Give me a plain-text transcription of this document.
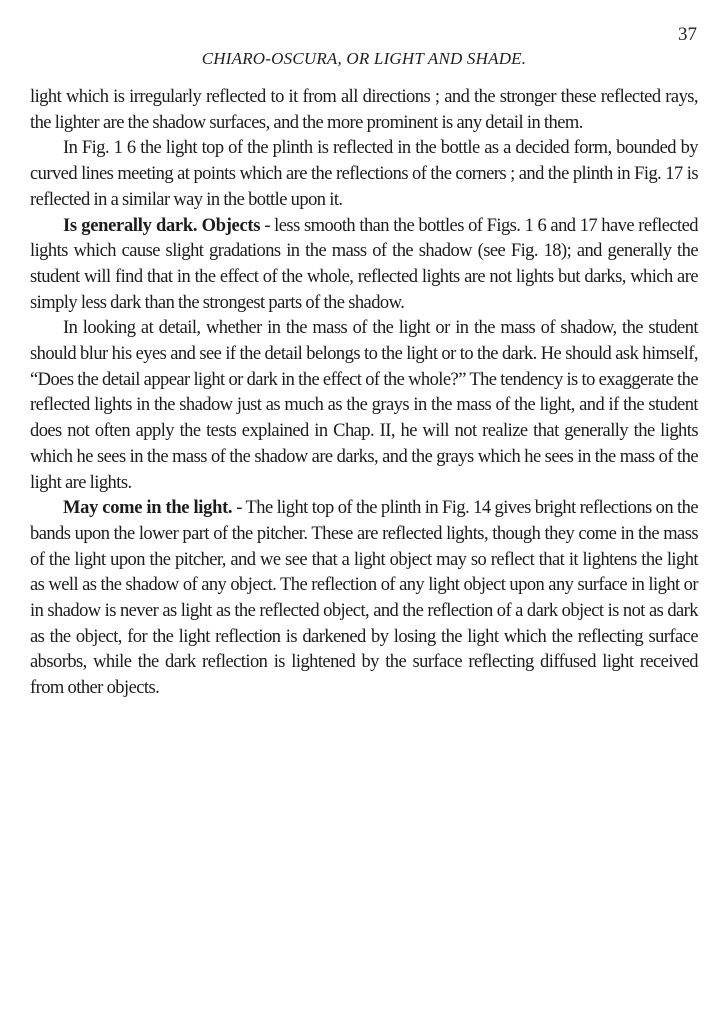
37
CHIARO-OSCURA, OR LIGHT AND SHADE.

light which is irregularly reflected to it from all directions ; and the stronger these reflected rays, the lighter are the shadow surfaces, and the more prominent is any detail in them.

In Fig. 1 6 the light top of the plinth is reflected in the bottle as a decided form, bounded by curved lines meeting at points which are the reflections of the corners ; and the plinth in Fig. 17 is reflected in a similar way in the bottle upon it.

Is generally dark. Objects - less smooth than the bottles of Figs. 1 6 and 17 have reflected lights which cause slight gradations in the mass of the shadow (see Fig. 18); and generally the student will find that in the effect of the whole, reflected lights are not lights but darks, which are simply less dark than the strongest parts of the shadow.

In looking at detail, whether in the mass of the light or in the mass of shadow, the student should blur his eyes and see if the detail belongs to the light or to the dark. He should ask himself, “Does the detail appear light or dark in the effect of the whole?” The tendency is to exaggerate the reflected lights in the shadow just as much as the grays in the mass of the light, and if the student does not often apply the tests explained in Chap. II, he will not realize that generally the lights which he sees in the mass of the shadow are darks, and the grays which he sees in the mass of the light are lights.

May come in the light. - The light top of the plinth in Fig. 14 gives bright reflections on the bands upon the lower part of the pitcher. These are reflected lights, though they come in the mass of the light upon the pitcher, and we see that a light object may so reflect that it lightens the light as well as the shadow of any object. The reflection of any light object upon any surface in light or in shadow is never as light as the reflected object, and the reflection of a dark object is not as dark as the object, for the light reflection is darkened by losing the light which the reflecting surface absorbs, while the dark reflection is lightened by the surface reflecting diffused light received from other objects.
